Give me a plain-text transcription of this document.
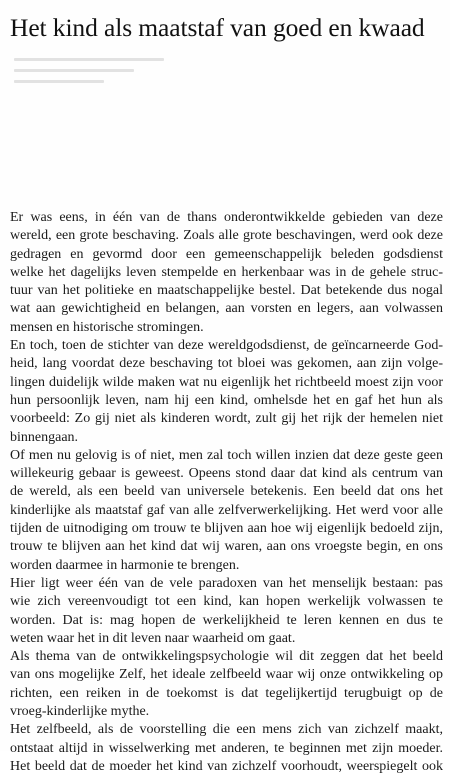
Het kind als maatstaf van goed en kwaad
Er was eens, in één van de thans onderontwikkelde gebieden van deze
wereld, een grote beschaving. Zoals alle grote beschavingen, werd ook deze
gedragen en gevormd door een gemeenschappelijk beleden godsdienst
welke het dagelijks leven stempelde en herkenbaar was in de gehele struc-
tuur van het politieke en maatschappelijke bestel. Dat betekende dus nogal
wat aan gewichtigheid en belangen, aan vorsten en legers, aan volwassen
mensen en historische stromingen.
En toch, toen de stichter van deze wereldgodsdienst, de geïncarneerde God-
heid, lang voordat deze beschaving tot bloei was gekomen, aan zijn volge-
lingen duidelijk wilde maken wat nu eigenlijk het richtbeeld moest zijn voor
hun persoonlijk leven, nam hij een kind, omhelsde het en gaf het hun als
voorbeeld: Zo gij niet als kinderen wordt, zult gij het rijk der hemelen niet
binnengaan.
Of men nu gelovig is of niet, men zal toch willen inzien dat deze geste geen
willekeurig gebaar is geweest. Opeens stond daar dat kind als centrum van
de wereld, als een beeld van universele betekenis. Een beeld dat ons het
kinderlijke als maatstaf gaf van alle zelfverwerkelijking. Het werd voor alle
tijden de uitnodiging om trouw te blijven aan hoe wij eigenlijk bedoeld zijn,
trouw te blijven aan het kind dat wij waren, aan ons vroegste begin, en ons
worden daarmee in harmonie te brengen.
Hier ligt weer één van de vele paradoxen van het menselijk bestaan: pas
wie zich vereenvoudigt tot een kind, kan hopen werkelijk volwassen te
worden. Dat is: mag hopen de werkelijkheid te leren kennen en dus te
weten waar het in dit leven naar waarheid om gaat.
Als thema van de ontwikkelingspsychologie wil dit zeggen dat het beeld
van ons mogelijke Zelf, het ideale zelfbeeld waar wij onze ontwikkeling op
richten, een reiken in de toekomst is dat tegelijkertijd terugbuigt op de
vroeg-kinderlijke mythe.
Het zelfbeeld, als de voorstelling die een mens zich van zichzelf maakt,
ontstaat altijd in wisselwerking met anderen, te beginnen met zijn moeder.
Het beeld dat de moeder het kind van zichzelf voorhoudt, weerspiegelt ook
